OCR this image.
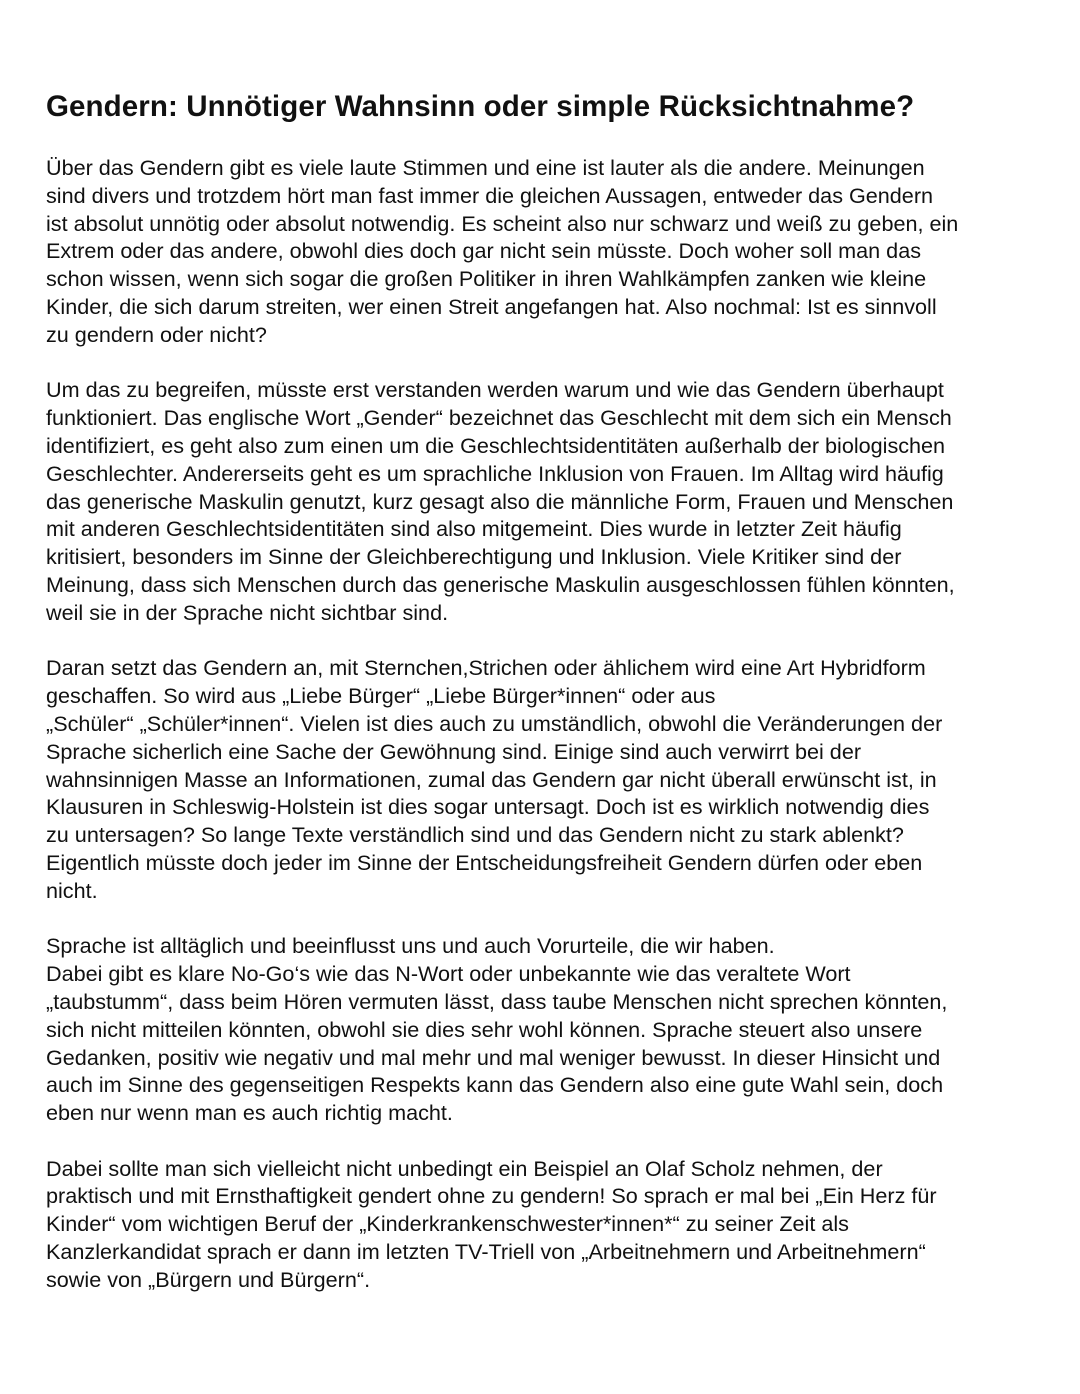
Gendern: Unnötiger Wahnsinn oder simple Rücksichtnahme?
Über das Gendern gibt es viele laute Stimmen und eine ist lauter als die andere. Meinungen
sind divers und trotzdem hört man fast immer die gleichen Aussagen, entweder das Gendern
ist absolut unnötig oder absolut notwendig. Es scheint also nur schwarz und weiß zu geben, ein
Extrem oder das andere, obwohl dies doch gar nicht sein müsste. Doch woher soll man das
schon wissen, wenn sich sogar die großen Politiker in ihren Wahlkämpfen zanken wie kleine
Kinder, die sich darum streiten, wer einen Streit angefangen hat. Also nochmal: Ist es sinnvoll
zu gendern oder nicht?
Um das zu begreifen, müsste erst verstanden werden warum und wie das Gendern überhaupt
funktioniert. Das englische Wort „Gender“ bezeichnet das Geschlecht mit dem sich ein Mensch
identifiziert, es geht also zum einen um die Geschlechtsidentitäten außerhalb der biologischen
Geschlechter. Andererseits geht es um sprachliche Inklusion von Frauen. Im Alltag wird häufig
das generische Maskulin genutzt, kurz gesagt also die männliche Form, Frauen und Menschen
mit anderen Geschlechtsidentitäten sind also mitgemeint. Dies wurde in letzter Zeit häufig
kritisiert, besonders im Sinne der Gleichberechtigung und Inklusion. Viele Kritiker sind der
Meinung, dass sich Menschen durch das generische Maskulin ausgeschlossen fühlen könnten,
weil sie in der Sprache nicht sichtbar sind.
Daran setzt das Gendern an, mit Sternchen,Strichen oder ählichem wird eine Art Hybridform
geschaffen. So wird aus „Liebe Bürger“ „Liebe Bürger*innen“ oder aus
„Schüler“ „Schüler*innen“. Vielen ist dies auch zu umständlich, obwohl die Veränderungen der
Sprache sicherlich eine Sache der Gewöhnung sind. Einige sind auch verwirrt bei der
wahnsinnigen Masse an Informationen, zumal das Gendern gar nicht überall erwünscht ist, in
Klausuren in Schleswig-Holstein ist dies sogar untersagt. Doch ist es wirklich notwendig dies
zu untersagen? So lange Texte verständlich sind und das Gendern nicht zu stark ablenkt?
Eigentlich müsste doch jeder im Sinne der Entscheidungsfreiheit Gendern dürfen oder eben
nicht.
Sprache ist alltäglich und beeinflusst uns und auch Vorurteile, die wir haben.
Dabei gibt es klare No-Go‘s wie das N-Wort oder unbekannte wie das veraltete Wort
„taubstumm“, dass beim Hören vermuten lässt, dass taube Menschen nicht sprechen könnten,
sich nicht mitteilen könnten, obwohl sie dies sehr wohl können. Sprache steuert also unsere
Gedanken, positiv wie negativ und mal mehr und mal weniger bewusst. In dieser Hinsicht und
auch im Sinne des gegenseitigen Respekts kann das Gendern also eine gute Wahl sein, doch
eben nur wenn man es auch richtig macht.
Dabei sollte man sich vielleicht nicht unbedingt ein Beispiel an Olaf Scholz nehmen, der
praktisch und mit Ernsthaftigkeit gendert ohne zu gendern! So sprach er mal bei „Ein Herz für
Kinder“ vom wichtigen Beruf der „Kinderkrankenschwester*innen*“ zu seiner Zeit als
Kanzlerkandidat sprach er dann im letzten TV-Triell von „Arbeitnehmern und Arbeitnehmern“
sowie von „Bürgern und Bürgern“.
